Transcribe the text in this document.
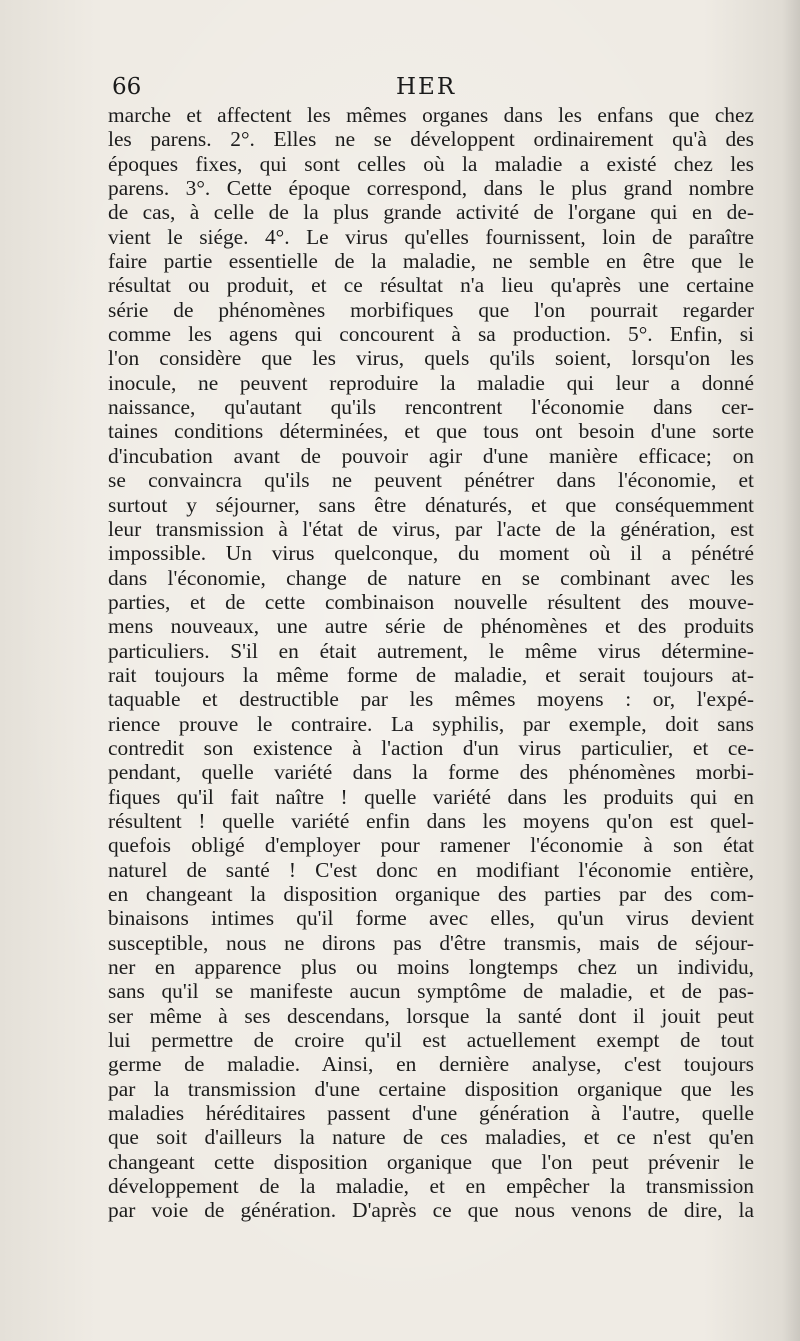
66	HER
marche et affectent les mêmes organes dans les enfans que chez
les parens. 2°. Elles ne se développent ordinairement qu'à des
époques fixes, qui sont celles où la maladie a existé chez les
parens. 3°. Cette époque correspond, dans le plus grand nombre
de cas, à celle de la plus grande activité de l'organe qui en de-
vient le siége. 4°. Le virus qu'elles fournissent, loin de paraître
faire partie essentielle de la maladie, ne semble en être que le
résultat ou produit, et ce résultat n'a lieu qu'après une certaine
série de phénomènes morbifiques que l'on pourrait regarder
comme les agens qui concourent à sa production. 5°. Enfin, si
l'on considère que les virus, quels qu'ils soient, lorsqu'on les
inocule, ne peuvent reproduire la maladie qui leur a donné
naissance, qu'autant qu'ils rencontrent l'économie dans cer-
taines conditions déterminées, et que tous ont besoin d'une sorte
d'incubation avant de pouvoir agir d'une manière efficace; on
se convaincra qu'ils ne peuvent pénétrer dans l'économie, et
surtout y séjourner, sans être dénaturés, et que conséquemment
leur transmission à l'état de virus, par l'acte de la génération, est
impossible. Un virus quelconque, du moment où il a pénétré
dans l'économie, change de nature en se combinant avec les
parties, et de cette combinaison nouvelle résultent des mouve-
mens nouveaux, une autre série de phénomènes et des produits
particuliers. S'il en était autrement, le même virus détermine-
rait toujours la même forme de maladie, et serait toujours at-
taquable et destructible par les mêmes moyens : or, l'expé-
rience prouve le contraire. La syphilis, par exemple, doit sans
contredit son existence à l'action d'un virus particulier, et ce-
pendant, quelle variété dans la forme des phénomènes morbi-
fiques qu'il fait naître ! quelle variété dans les produits qui en
résultent ! quelle variété enfin dans les moyens qu'on est quel-
quefois obligé d'employer pour ramener l'économie à son état
naturel de santé ! C'est donc en modifiant l'économie entière,
en changeant la disposition organique des parties par des com-
binaisons intimes qu'il forme avec elles, qu'un virus devient
susceptible, nous ne dirons pas d'être transmis, mais de séjour-
ner en apparence plus ou moins longtemps chez un individu,
sans qu'il se manifeste aucun symptôme de maladie, et de pas-
ser même à ses descendans, lorsque la santé dont il jouit peut
lui permettre de croire qu'il est actuellement exempt de tout
germe de maladie. Ainsi, en dernière analyse, c'est toujours
par la transmission d'une certaine disposition organique que les
maladies héréditaires passent d'une génération à l'autre, quelle
que soit d'ailleurs la nature de ces maladies, et ce n'est qu'en
changeant cette disposition organique que l'on peut prévenir le
développement de la maladie, et en empêcher la transmission
par voie de génération. D'après ce que nous venons de dire, la
